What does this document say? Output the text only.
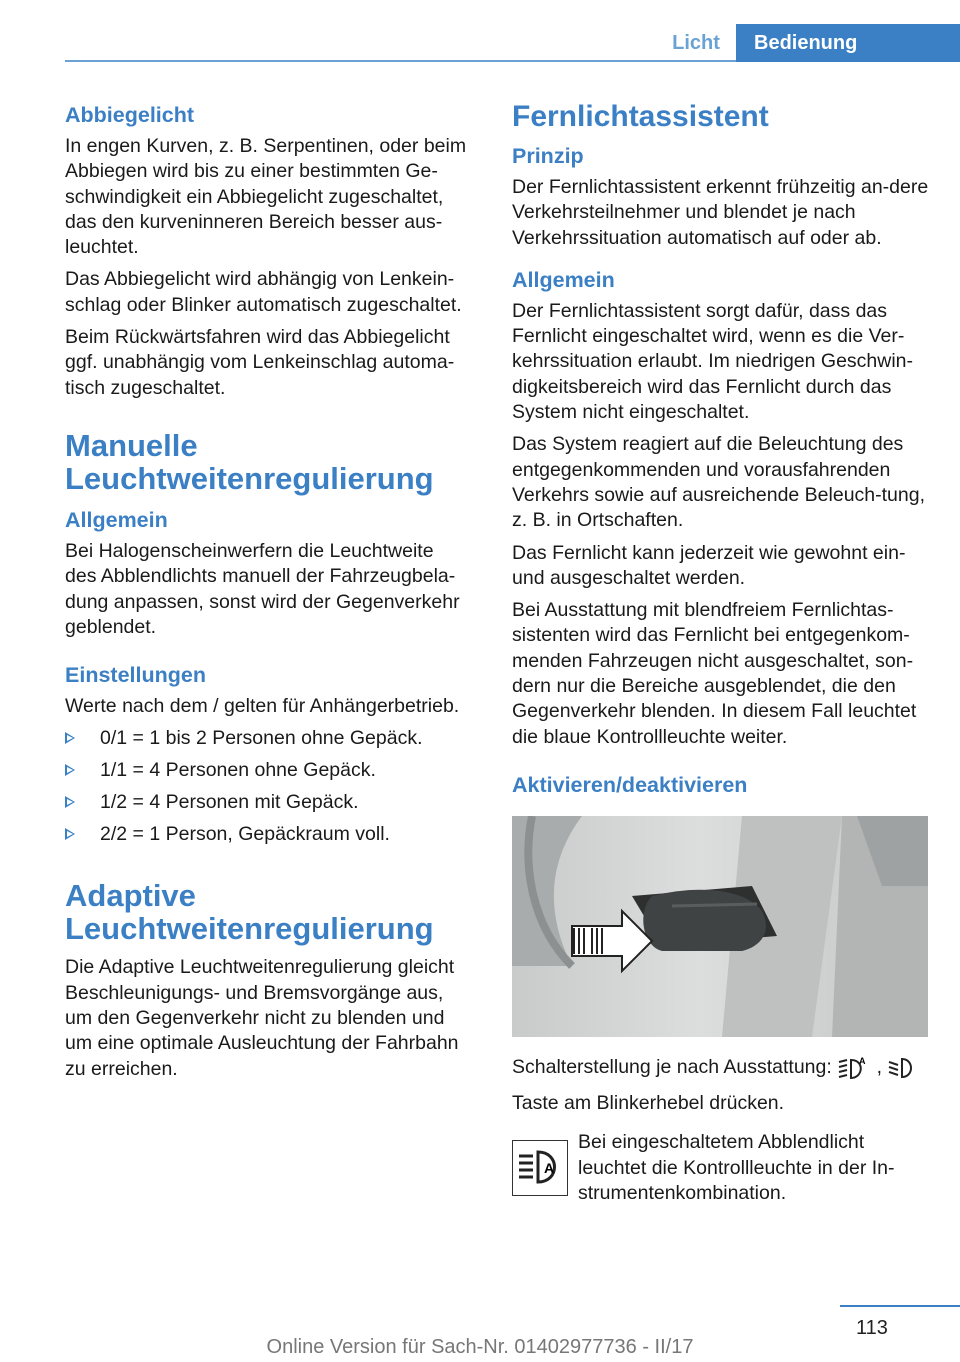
Licht	Bedienung
Abbiegelicht

In engen Kurven, z. B. Serpentinen, oder beim Abbiegen wird bis zu einer bestimmten Ge-schwindigkeit ein Abbiegelicht zugeschaltet, das den kurveninneren Bereich besser aus-leuchtet.

Das Abbiegelicht wird abhängig von Lenkein-schlag oder Blinker automatisch zugeschaltet.

Beim Rückwärtsfahren wird das Abbiegelicht ggf. unabhängig vom Lenkeinschlag automa-tisch zugeschaltet.

Manuelle Leuchtweitenregulierung
Allgemein

Bei Halogenscheinwerfern die Leuchtweite des Abblendlichts manuell der Fahrzeugbela-dung anpassen, sonst wird der Gegenverkehr geblendet.

Einstellungen

Werte nach dem / gelten für Anhängerbetrieb.

0/1 = 1 bis 2 Personen ohne Gepäck.
1/1 = 4 Personen ohne Gepäck.
1/2 = 4 Personen mit Gepäck.
2/2 = 1 Person, Gepäckraum voll.
Adaptive Leuchtweitenregulierung

Die Adaptive Leuchtweitenregulierung gleicht Beschleunigungs- und Bremsvorgänge aus, um den Gegenverkehr nicht zu blenden und um eine optimale Ausleuchtung der Fahrbahn zu erreichen.

Fernlichtassistent
Prinzip

Der Fernlichtassistent erkennt frühzeitig an-dere Verkehrsteilnehmer und blendet je nach Verkehrssituation automatisch auf oder ab.

Allgemein

Der Fernlichtassistent sorgt dafür, dass das Fernlicht eingeschaltet wird, wenn es die Ver-kehrssituation erlaubt. Im niedrigen Geschwin-digkeitsbereich wird das Fernlicht durch das System nicht eingeschaltet.

Das System reagiert auf die Beleuchtung des entgegenkommenden und vorausfahrenden Verkehrs sowie auf ausreichende Beleuch-tung, z. B. in Ortschaften.

Das Fernlicht kann jederzeit wie gewohnt ein- und ausgeschaltet werden.

Bei Ausstattung mit blendfreiem Fernlichtas-sistenten wird das Fernlicht bei entgegenkom-menden Fahrzeugen nicht ausgeschaltet, son-dern nur die Bereiche ausgeblendet, die den Gegenverkehr blenden. In diesem Fall leuchtet die blaue Kontrollleuchte weiter.

Aktivieren/deaktivieren

Schalterstellung je nach Ausstattung:	A ,

Taste am Blinkerhebel drücken.

A

Bei eingeschaltetem Abblendlicht leuchtet die Kontrollleuchte in der In-strumentenkombination.

113
Online Version für Sach-Nr. 01402977736 - II/17
